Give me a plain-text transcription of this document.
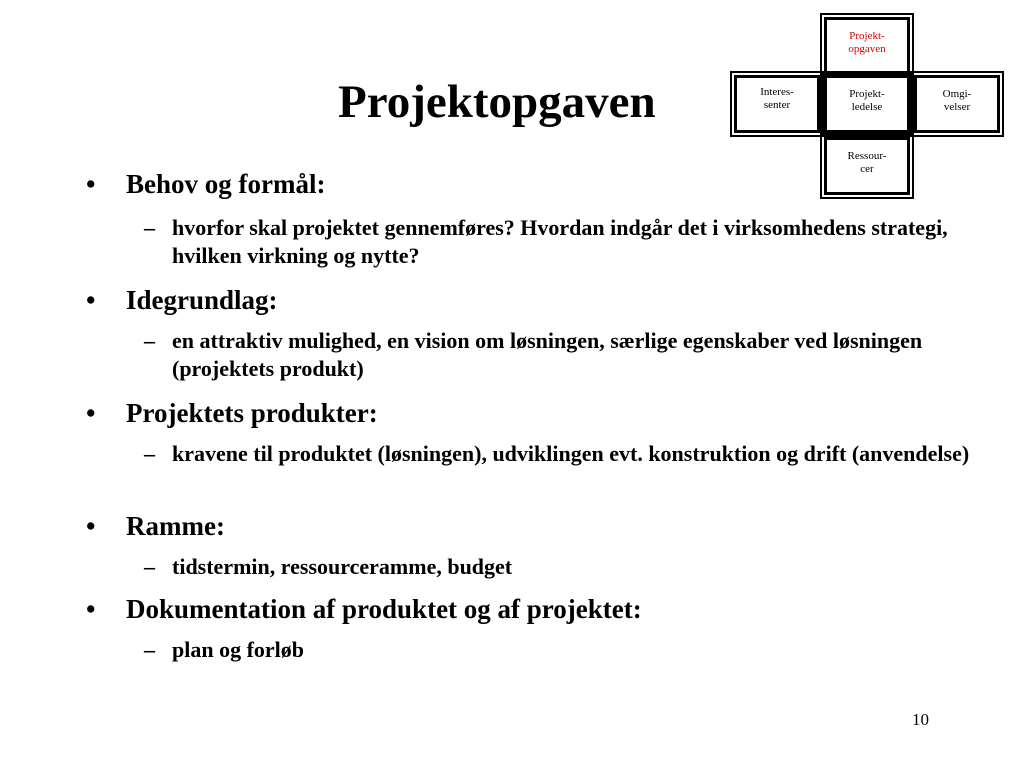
Projektopgaven
Projekt-
opgaven
Interes-
senter
Projekt-
ledelse
Omgi-
velser
Ressour-
cer
• Behov og formål:
– hvorfor skal projektet gennemføres? Hvordan indgår det i virksomhedens strategi, hvilken virkning og nytte?
• Idegrundlag:
– en attraktiv mulighed, en vision om løsningen, særlige egenskaber ved løsningen (projektets produkt)
• Projektets produkter:
– kravene til produktet (løsningen), udviklingen evt. konstruktion og drift (anvendelse)
• Ramme:
– tidstermin, ressourceramme, budget
• Dokumentation af produktet og af projektet:
– plan og forløb
10
